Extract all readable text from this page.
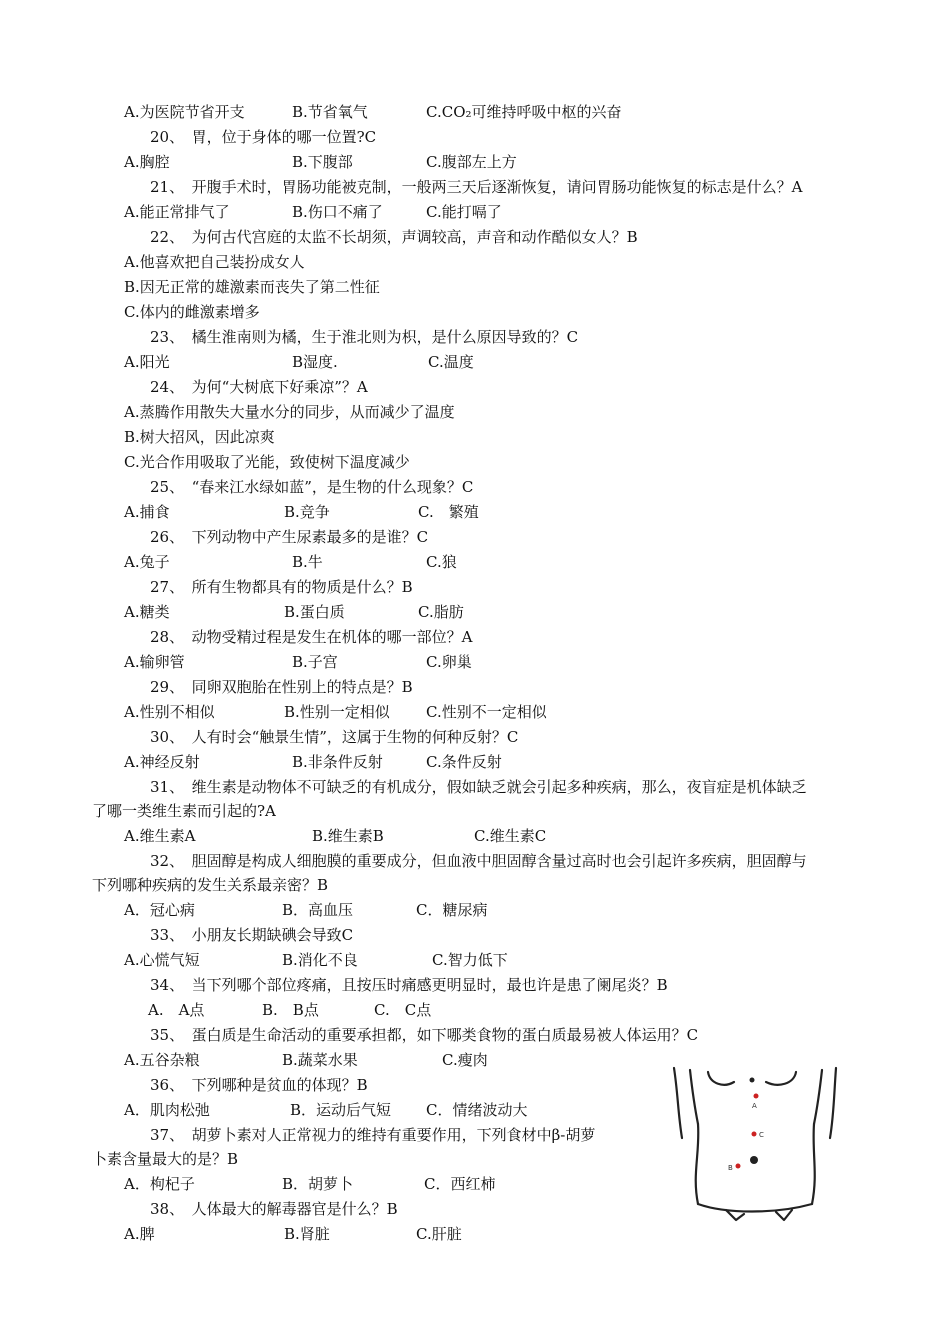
A.为医院节省开支	B.节省氧气	C.CO₂可维持呼吸中枢的兴奋
20、　胃，位于身体的哪一位置?C
A.胸腔	B.下腹部	C.腹部左上方
21、　开腹手术时，胃肠功能被克制，一般两三天后逐渐恢复，请问胃肠功能恢复的标志是什么？A
A.能正常排气了	B.伤口不痛了	C.能打嗝了
22、　为何古代宫庭的太监不长胡须，声调较高，声音和动作酷似女人？B
A.他喜欢把自己装扮成女人
B.因无正常的雄激素而丧失了第二性征
C.体内的雌激素增多
23、　橘生淮南则为橘，生于淮北则为枳，是什么原因导致的？C
A.阳光	B湿度.	C.温度
24、　为何“大树底下好乘凉”？A
A.蒸腾作用散失大量水分的同步，从而减少了温度
B.树大招风，因此凉爽
C.光合作用吸取了光能，致使树下温度减少
25、　“春来江水绿如蓝”，是生物的什么现象？C
A.捕食	B.竞争	C.　繁殖
26、　下列动物中产生尿素最多的是谁？C
A.兔子	B.牛	C.狼
27、　所有生物都具有的物质是什么？B
A.糖类	B.蛋白质	C.脂肪
28、　动物受精过程是发生在机体的哪一部位？A
A.输卵管	B.子宫	C.卵巢
29、　同卵双胞胎在性别上的特点是？B
A.性别不相似	B.性别一定相似 C.性别不一定相似
30、　人有时会“触景生情”，这属于生物的何种反射？C
A.神经反射	B.非条件反射	C.条件反射
31、　维生素是动物体不可缺乏的有机成分，假如缺乏就会引起多种疾病，那么，夜盲症是机体缺乏
了哪一类维生素而引起的?A
A.维生素A	B.维生素B	C.维生素C
32、　胆固醇是构成人细胞膜的重要成分，但血液中胆固醇含量过高时也会引起许多疾病，胆固醇与
下列哪种疾病的发生关系最亲密？B
A．冠心病	B．高血压	C．糖尿病
33、　小朋友长期缺碘会导致C
A.心慌气短	B.消化不良	C.智力低下
34、　当下列哪个部位疼痛，且按压时痛感更明显时，最也许是患了阑尾炎？B
A.　A点	B.　B点	C.　C点
35、　蛋白质是生命活动的重要承担都，如下哪类食物的蛋白质最易被人体运用？C
A.五谷杂粮	B.蔬菜水果	C.瘦肉
36、　下列哪种是贫血的体现？B
A．肌肉松弛	B．运动后气短 C．情绪波动大
37、　胡萝卜素对人正常视力的维持有重要作用，下列食材中β-胡萝
卜素含量最大的是？B
A．枸杞子	B．胡萝卜	C．西红柿
38、　人体最大的解毒器官是什么？B
A.脾	B.肾脏	C.肝脏
A
C
B
